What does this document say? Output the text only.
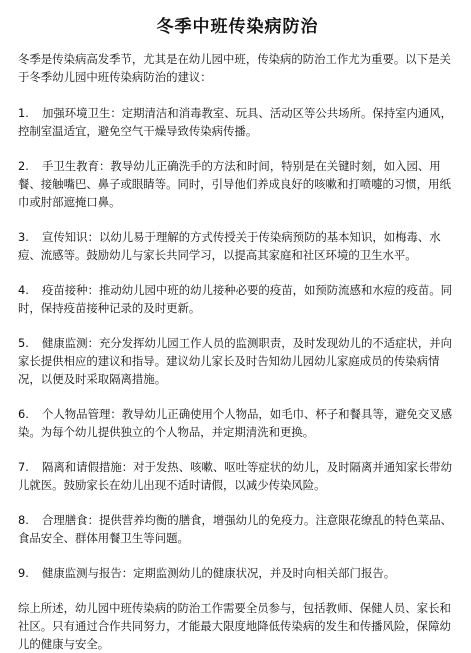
冬季中班传染病防治

冬季是传染病高发季节，尤其是在幼儿园中班，传染病的防治工作尤为重要。以下是关于冬季幼儿园中班传染病防治的建议：

1. 加强环境卫生：定期清洁和消毒教室、玩具、活动区等公共场所。保持室内通风，控制室温适宜，避免空气干燥导致传染病传播。

2. 手卫生教育：教导幼儿正确洗手的方法和时间，特别是在关键时刻，如入园、用餐、接触嘴巴、鼻子或眼睛等。同时，引导他们养成良好的咳嗽和打喷嚏的习惯，用纸巾或肘部遮掩口鼻。

3. 宣传知识：以幼儿易于理解的方式传授关于传染病预防的基本知识，如梅毒、水痘、流感等。鼓励幼儿与家长共同学习，以提高其家庭和社区环境的卫生水平。

4. 疫苗接种：推动幼儿园中班的幼儿接种必要的疫苗，如预防流感和水痘的疫苗。同时，保持疫苗接种记录的及时更新。

5. 健康监测：充分发挥幼儿园工作人员的监测职责，及时发现幼儿的不适症状，并向家长提供相应的建议和指导。建议幼儿家长及时告知幼儿园幼儿家庭成员的传染病情况，以便及时采取隔离措施。

6. 个人物品管理：教导幼儿正确使用个人物品，如毛巾、杯子和餐具等，避免交叉感染。为每个幼儿提供独立的个人物品，并定期清洗和更换。

7. 隔离和请假措施：对于发热、咳嗽、呕吐等症状的幼儿，及时隔离并通知家长带幼儿就医。鼓励家长在幼儿出现不适时请假，以减少传染风险。

8. 合理膳食：提供营养均衡的膳食，增强幼儿的免疫力。注意限花缭乱的特色菜品、食品安全、群体用餐卫生等问题。

9. 健康监测与报告：定期监测幼儿的健康状况，并及时向相关部门报告。

综上所述，幼儿园中班传染病的防治工作需要全员参与，包括教师、保健人员、家长和社区。只有通过合作共同努力，才能最大限度地降低传染病的发生和传播风险，保障幼儿的健康与安全。
